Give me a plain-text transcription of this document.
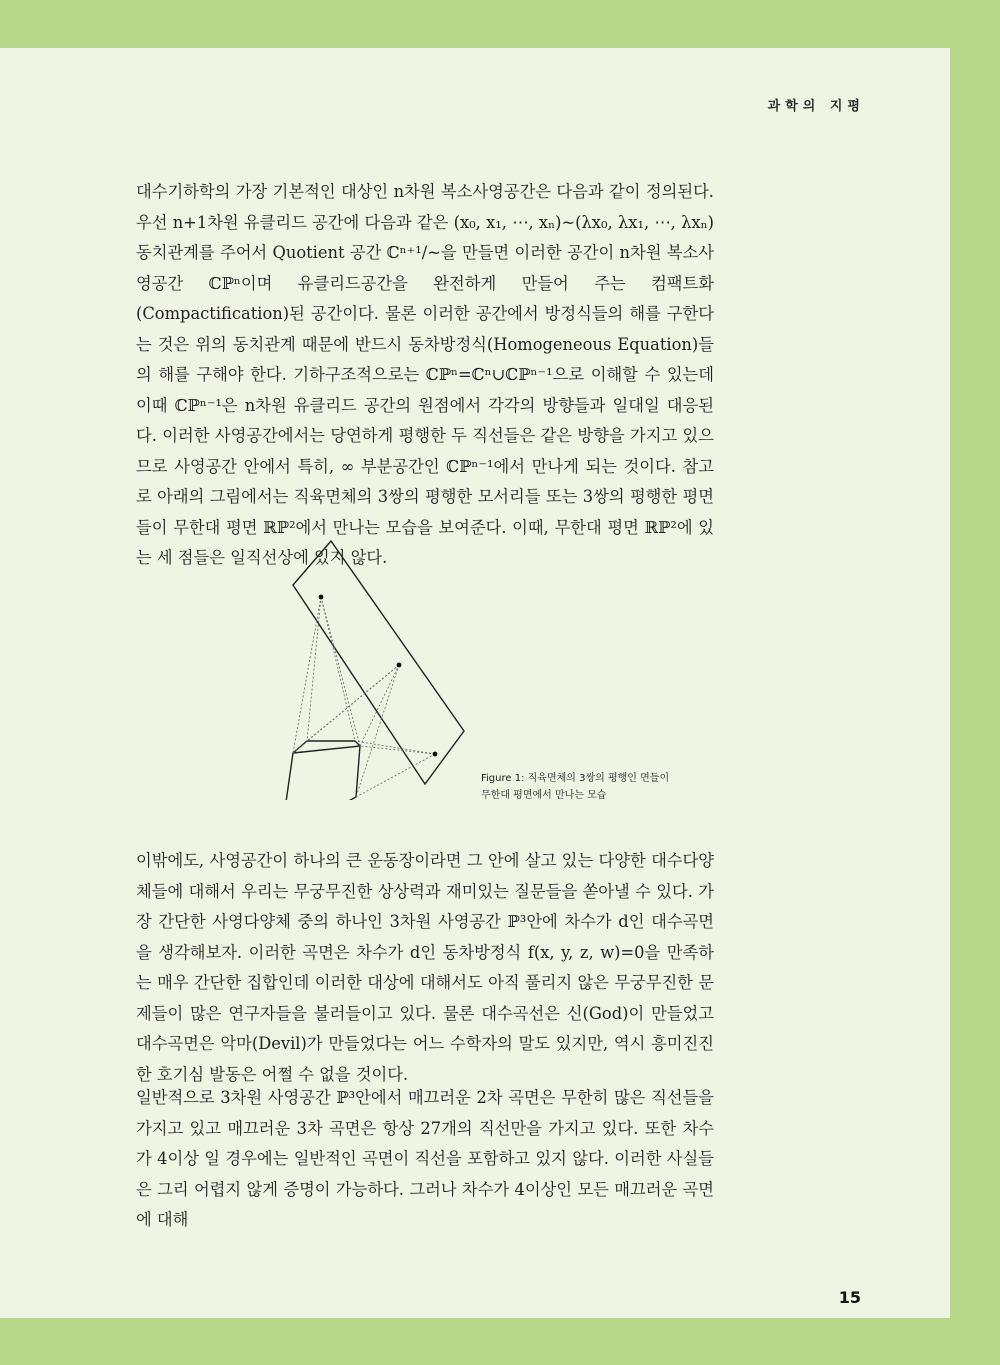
과학의 지평

대수기하학의 가장 기본적인 대상인 n차원 복소사영공간은 다음과 같이 정의된다. 우선 n+1차원 유클리드 공간에 다음과 같은 (x₀, x₁, ⋯, xₙ)~(λx₀, λx₁, ⋯, λxₙ) 동치관계를 주어서 Quotient 공간 ℂⁿ⁺¹/~을 만들면 이러한 공간이 n차원 복소사영공간 ℂℙⁿ이며 유클리드공간을 완전하게 만들어 주는 컴팩트화(Compactification)된 공간이다. 물론 이러한 공간에서 방정식들의 해를 구한다는 것은 위의 동치관계 때문에 반드시 동차방정식(Homogeneous Equation)들의 해를 구해야 한다. 기하구조적으로는 ℂℙⁿ=ℂⁿ∪ℂℙⁿ⁻¹으로 이해할 수 있는데 이때 ℂℙⁿ⁻¹은 n차원 유클리드 공간의 원점에서 각각의 방향들과 일대일 대응된다. 이러한 사영공간에서는 당연하게 평행한 두 직선들은 같은 방향을 가지고 있으므로 사영공간 안에서 특히, ∞ 부분공간인 ℂℙⁿ⁻¹에서 만나게 되는 것이다. 참고로 아래의 그림에서는 직육면체의 3쌍의 평행한 모서리들 또는 3쌍의 평행한 평면들이 무한대 평면 ℝℙ²에서 만나는 모습을 보여준다. 이때, 무한대 평면 ℝℙ²에 있는 세 점들은 일직선상에 있지 않다.

Figure 1: 직육면체의 3쌍의 평행인 면들이
무한대 평면에서 만나는 모습

이밖에도, 사영공간이 하나의 큰 운동장이라면 그 안에 살고 있는 다양한 대수다양체들에 대해서 우리는 무궁무진한 상상력과 재미있는 질문들을 쏟아낼 수 있다. 가장 간단한 사영다양체 중의 하나인 3차원 사영공간 ℙ³안에 차수가 d인 대수곡면을 생각해보자. 이러한 곡면은 차수가 d인 동차방정식 f(x, y, z, w)=0을 만족하는 매우 간단한 집합인데 이러한 대상에 대해서도 아직 풀리지 않은 무궁무진한 문제들이 많은 연구자들을 불러들이고 있다. 물론 대수곡선은 신(God)이 만들었고 대수곡면은 악마(Devil)가 만들었다는 어느 수학자의 말도 있지만, 역시 흥미진진한 호기심 발동은 어쩔 수 없을 것이다.

일반적으로 3차원 사영공간 ℙ³안에서 매끄러운 2차 곡면은 무한히 많은 직선들을 가지고 있고 매끄러운 3차 곡면은 항상 27개의 직선만을 가지고 있다. 또한 차수가 4이상 일 경우에는 일반적인 곡면이 직선을 포함하고 있지 않다. 이러한 사실들은 그리 어렵지 않게 증명이 가능하다. 그러나 차수가 4이상인 모든 매끄러운 곡면에 대해

15
